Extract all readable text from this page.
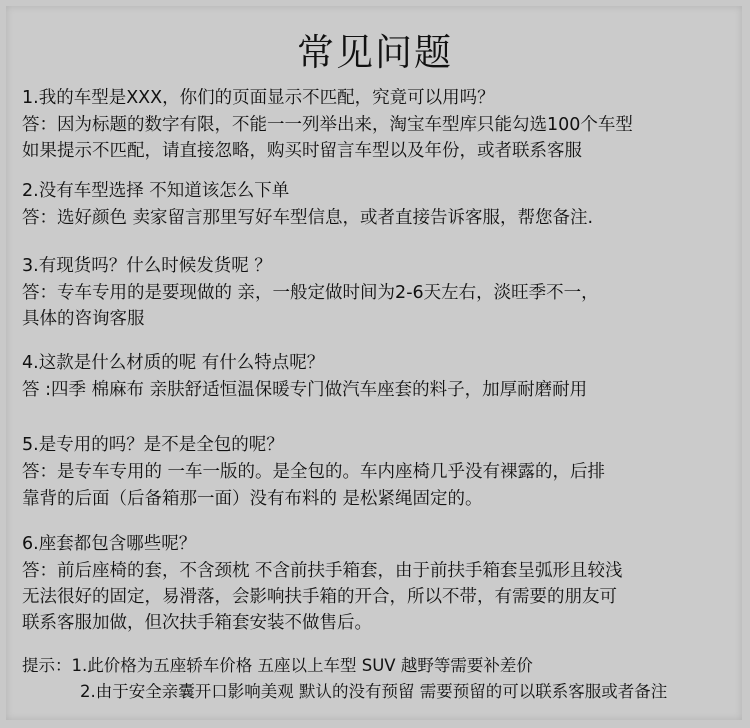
常见问题
1.我的车型是XXX，你们的页面显示不匹配，究竟可以用吗？
答：因为标题的数字有限，不能一一列举出来，淘宝车型库只能勾选100个车型
如果提示不匹配，请直接忽略，购买时留言车型以及年份，或者联系客服
2.没有车型选择 不知道该怎么下单
答：选好颜色 卖家留言那里写好车型信息，或者直接告诉客服，帮您备注.
3.有现货吗？什么时候发货呢 ？
答：专车专用的是要现做的 亲，一般定做时间为2-6天左右，淡旺季不一，
具体的咨询客服
4.这款是什么材质的呢 有什么特点呢？
答 :四季 棉麻布 亲肤舒适恒温保暖专门做汽车座套的料子，加厚耐磨耐用
5.是专用的吗？是不是全包的呢？
答：是专车专用的 一车一版的。是全包的。车内座椅几乎没有裸露的，后排
靠背的后面（后备箱那一面）没有布料的 是松紧绳固定的。
6.座套都包含哪些呢？
答：前后座椅的套，不含颈枕 不含前扶手箱套，由于前扶手箱套呈弧形且较浅
无法很好的固定，易滑落，会影响扶手箱的开合，所以不带，有需要的朋友可
联系客服加做，但次扶手箱套安装不做售后。
提示：1.此价格为五座轿车价格 五座以上车型 SUV 越野等需要补差价
2.由于安全亲囊开口影响美观 默认的没有预留 需要预留的可以联系客服或者备注
